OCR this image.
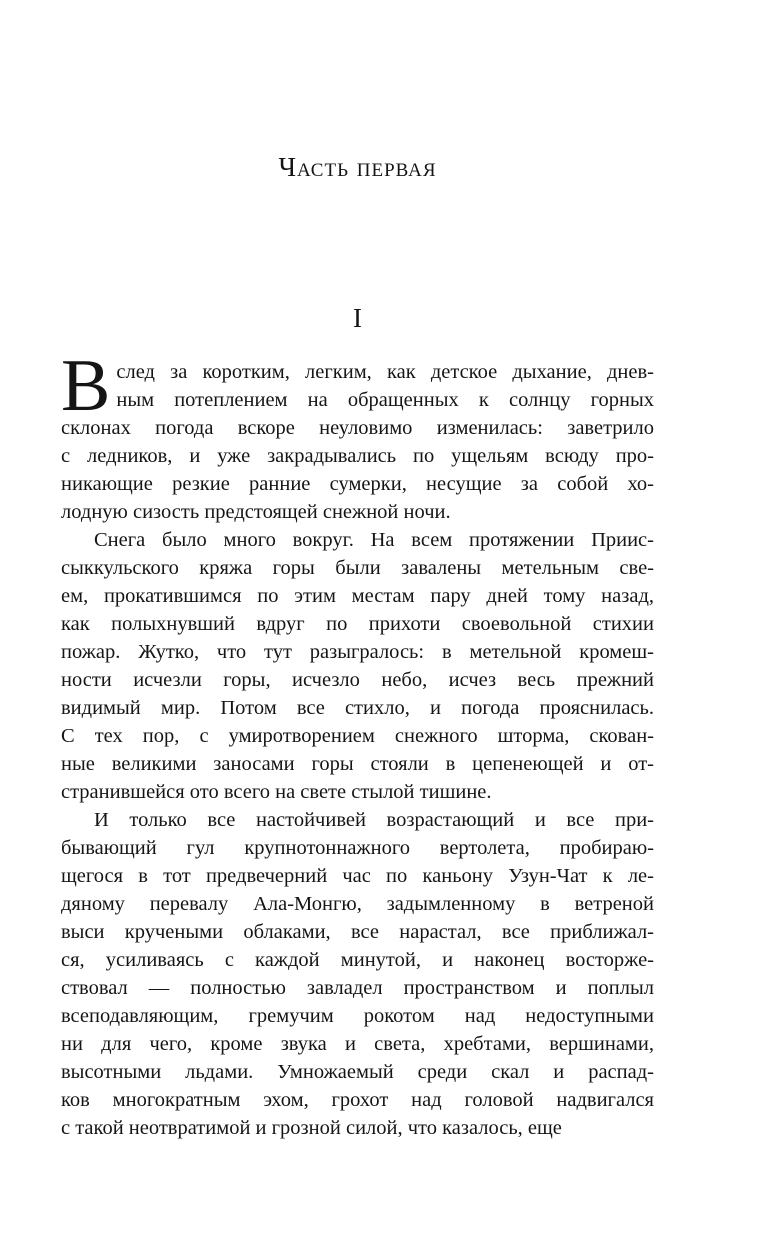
Часть первая
I

В след за коротким, легким, как детское дыхание, днев-
ным потеплением на обращенных к солнцу горных
склонах погода вскоре неуловимо изменилась: заветрило
с ледников, и уже закрадывались по ущельям всюду про-
никающие резкие ранние сумерки, несущие за собой хо-
лодную сизость предстоящей снежной ночи.

Снега было много вокруг. На всем протяжении Приис-
сыккульского кряжа горы были завалены метельным све-
ем, прокатившимся по этим местам пару дней тому назад,
как полыхнувший вдруг по прихоти своевольной стихии
пожар. Жутко, что тут разыгралось: в метельной кромеш-
ности исчезли горы, исчезло небо, исчез весь прежний
видимый мир. Потом все стихло, и погода прояснилась.
С тех пор, с умиротворением снежного шторма, скован-
ные великими заносами горы стояли в цепенеющей и от-
странившейся ото всего на свете стылой тишине.

И только все настойчивей возрастающий и все при-
бывающий гул крупнотоннажного вертолета, пробираю-
щегося в тот предвечерний час по каньону Узун-Чат к ле-
дяному перевалу Ала-Монгю, задымленному в ветреной
выси кручеными облаками, все нарастал, все приближал-
ся, усиливаясь с каждой минутой, и наконец восторже-
ствовал — полностью завладел пространством и поплыл
всеподавляющим, гремучим рокотом над недоступными
ни для чего, кроме звука и света, хребтами, вершинами,
высотными льдами. Умножаемый среди скал и распад-
ков многократным эхом, грохот над головой надвигался
с такой неотвратимой и грозной силой, что казалось, еще
